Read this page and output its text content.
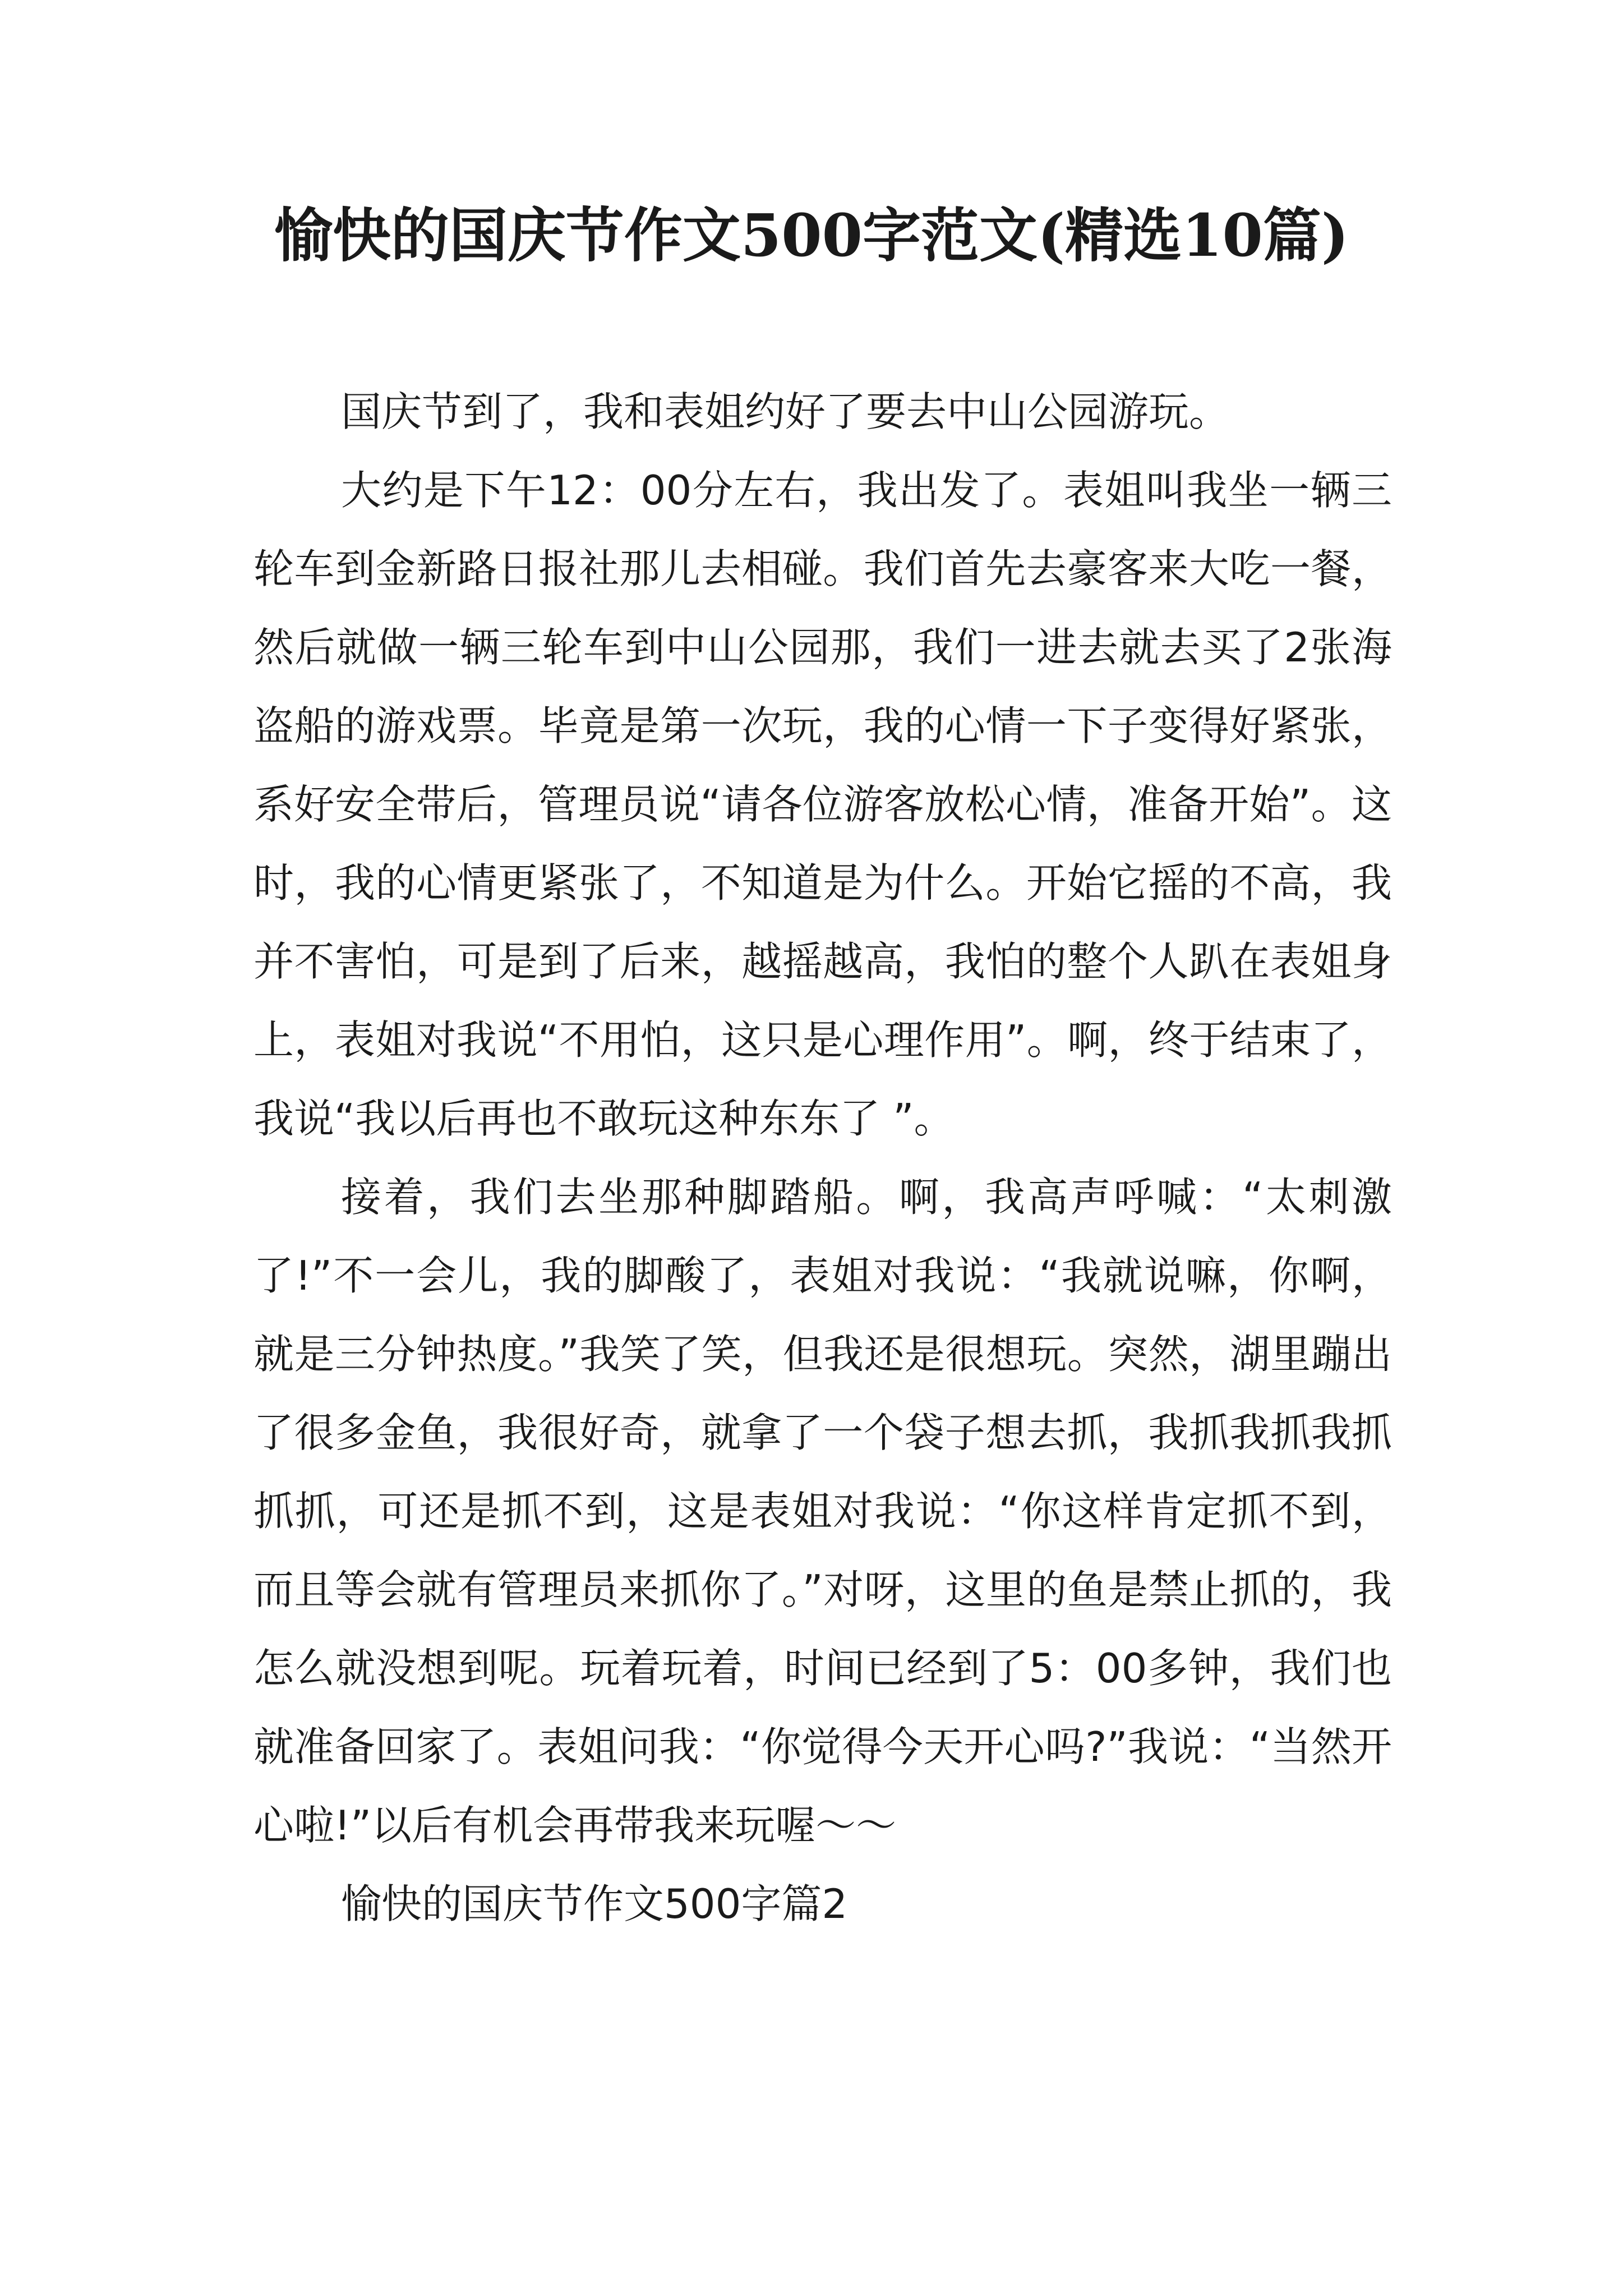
愉快的国庆节作文500字范文(精选10篇)

国庆节到了，我和表姐约好了要去中山公园游玩。

大约是下午12：00分左右，我出发了。表姐叫我坐一辆三轮车到金新路日报社那儿去相碰。我们首先去豪客来大吃一餐，然后就做一辆三轮车到中山公园那，我们一进去就去买了2张海盗船的游戏票。毕竟是第一次玩，我的心情一下子变得好紧张，系好安全带后，管理员说“请各位游客放松心情，准备开始”。这时，我的心情更紧张了，不知道是为什么。开始它摇的不高，我并不害怕，可是到了后来，越摇越高，我怕的整个人趴在表姐身上，表姐对我说“不用怕，这只是心理作用”。啊，终于结束了，我说“我以后再也不敢玩这种东东了 ”。

接着，我们去坐那种脚踏船。啊，我高声呼喊：“太刺激了!”不一会儿，我的脚酸了，表姐对我说：“我就说嘛，你啊，就是三分钟热度。”我笑了笑，但我还是很想玩。突然，湖里蹦出了很多金鱼，我很好奇，就拿了一个袋子想去抓，我抓我抓我抓抓抓，可还是抓不到，这是表姐对我说：“你这样肯定抓不到，而且等会就有管理员来抓你了。”对呀，这里的鱼是禁止抓的，我怎么就没想到呢。玩着玩着，时间已经到了5：00多钟，我们也就准备回家了。表姐问我：“你觉得今天开心吗?”我说：“当然开心啦!”以后有机会再带我来玩喔～～

愉快的国庆节作文500字篇2
